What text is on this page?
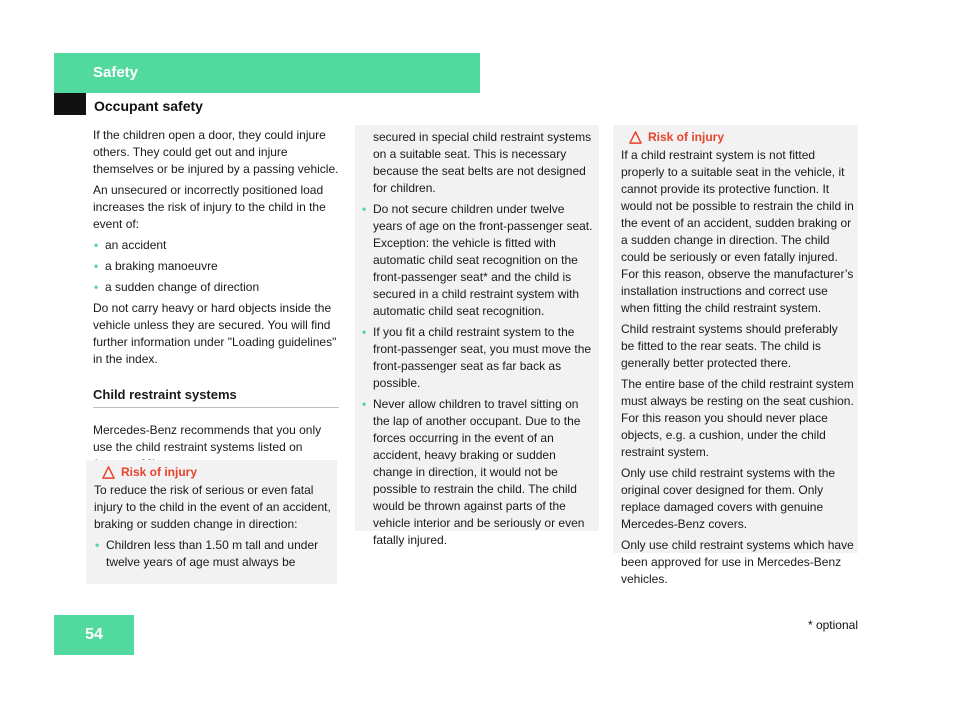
Safety
Occupant safety

If the children open a door, they could injure others. They could get out and injure themselves or be injured by a passing vehicle.

An unsecured or incorrectly positioned load increases the risk of injury to the child in the event of:

• an accident
• a braking manoeuvre
• a sudden change of direction

Do not carry heavy or hard objects inside the vehicle unless they are secured. You will find further information under "Loading guidelines" in the index.

Child restraint systems

Mercedes-Benz recommends that you only use the child restraint systems listed on

Risk of injury

To reduce the risk of serious or even fatal injury to the child in the event of an accident, braking or sudden change in direction:

• Children less than 1.50 m tall and under twelve years of age must always be

secured in special child restraint systems on a suitable seat. This is necessary because the seat belts are not designed for children.

• Do not secure children under twelve years of age on the front-passenger seat. Exception: the vehicle is fitted with automatic child seat recognition on the front-passenger seat* and the child is secured in a child restraint system with automatic child seat recognition.
• If you fit a child restraint system to the front-passenger seat, you must move the front-passenger seat as far back as possible.
• Never allow children to travel sitting on the lap of another occupant. Due to the forces occurring in the event of an accident, heavy braking or sudden change in direction, it would not be possible to restrain the child. The child would be thrown against parts of the vehicle interior and be seriously or even fatally injured.
Risk of injury

If a child restraint system is not fitted properly to a suitable seat in the vehicle, it cannot provide its protective function. It would not be possible to restrain the child in the event of an accident, sudden braking or a sudden change in direction. The child could be seriously or even fatally injured. For this reason, observe the manufacturer’s installation instructions and correct use when fitting the child restraint system.

Child restraint systems should preferably be fitted to the rear seats. The child is generally better protected there.

The entire base of the child restraint system must always be resting on the seat cushion. For this reason you should never place objects, e.g. a cushion, under the child restraint system.

Only use child restraint systems with the original cover designed for them. Only replace damaged covers with genuine Mercedes-Benz covers.

Only use child restraint systems which have been approved for use in Mercedes-Benz vehicles.

54
* optional
